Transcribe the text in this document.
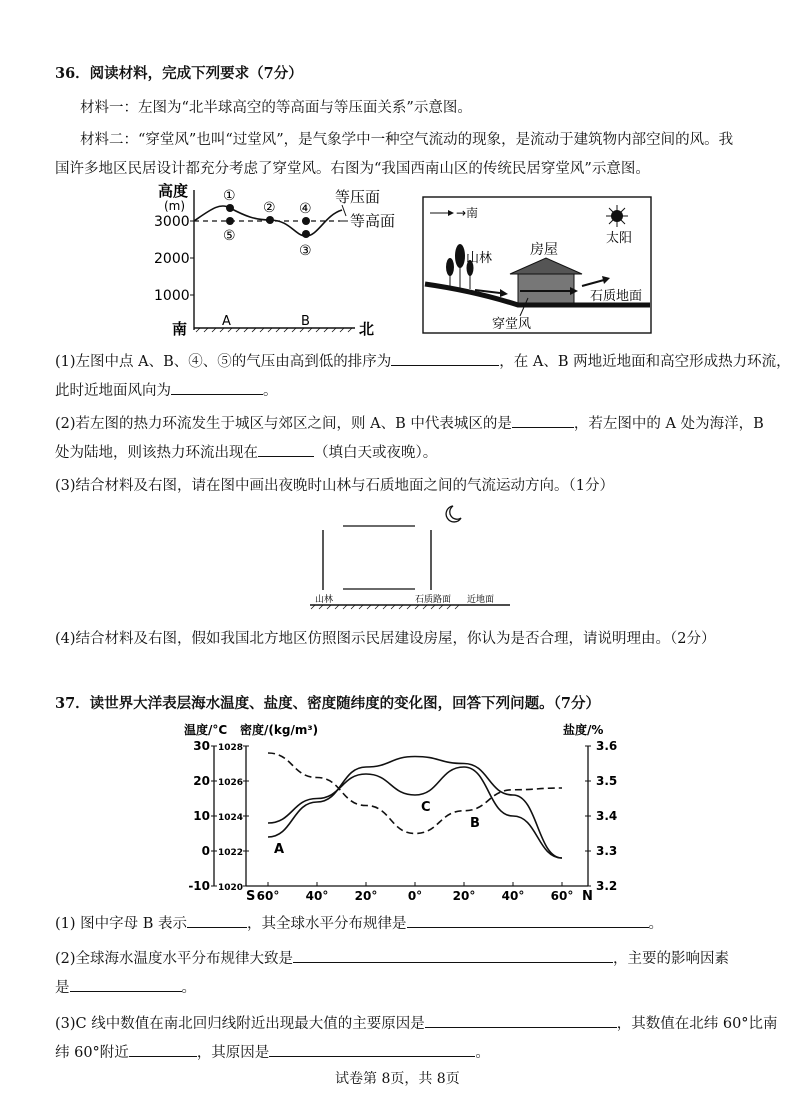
36．阅读材料，完成下列要求（7分）
材料一：左图为“北半球高空的等高面与等压面关系”示意图。
材料二：“穿堂风”也叫“过堂风”，是气象学中一种空气流动的现象，是流动于建筑物内部空间的风。我
国许多地区民居设计都充分考虑了穿堂风。右图为“我国西南山区的传统民居穿堂风”示意图。
高度
(m)
3000
2000
1000
①
② ④
⑤
③
等压面
等高面
南	北
A	B
→南
太阳
山林
房屋
石质地面
穿堂风
(1)左图中点 A、B、④、⑤的气压由高到低的排序为	，在 A、B 两地近地面和高空形成热力环流，
此时近地面风向为	。
(2)若左图的热力环流发生于城区与郊区之间，则 A、B 中代表城区的是	，若左图中的 A 处为海洋，B
处为陆地，则该热力环流出现在	（填白天或夜晚）。
(3)结合材料及右图，请在图中画出夜晚时山林与石质地面之间的气流运动方向。（1分）
山林	石质路面 近地面
(4)结合材料及右图，假如我国北方地区仿照图示民居建设房屋，你认为是否合理，请说明理由。（2分）
37．读世界大洋表层海水温度、盐度、密度随纬度的变化图，回答下列问题。（7分）
温度/°C 密度/(kg/m³)	盐度/%
30
20
10
0
-10
1028
1026
1024
1022
1020
3.6
3.5
3.4
3.3
3.2
60° 40° 20°	0°	20° 40° 60°
A
B
C
S	N
(1) 图中字母 B 表示	，其全球水平分布规律是	。
(2)全球海水温度水平分布规律大致是	，主要的影响因素
是	。
(3)C 线中数值在南北回归线附近出现最大值的主要原因是	，其数值在北纬 60°比南
纬 60°附近	，其原因是	。
试卷第 8页，共 8页
